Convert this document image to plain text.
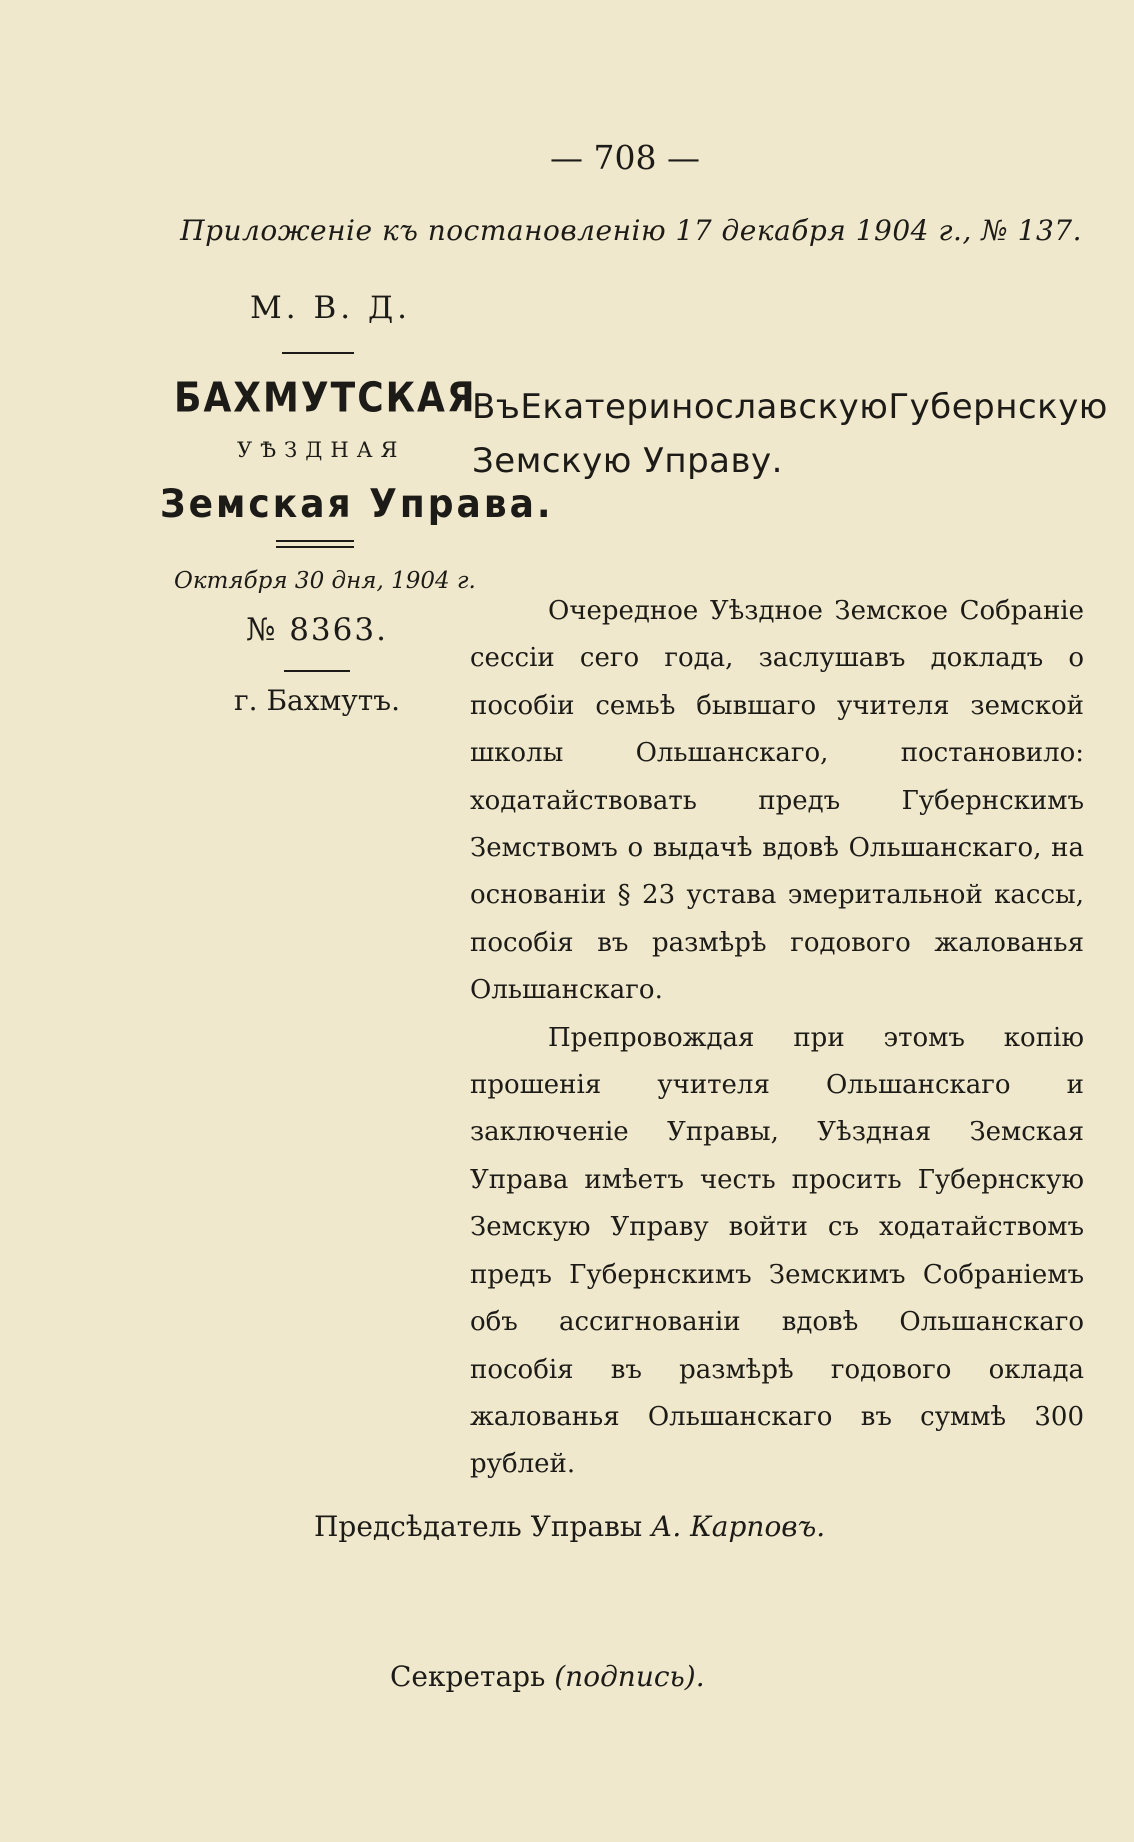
— 708 —
Приложеніе къ постановленію 17 декабря 1904 г., № 137.
М. В. Д.
БАХМУТСКАЯ
УѢЗДНАЯ
Земская Управа.
Октября 30 дня, 1904 г.
№ 8363.
г. Бахмутъ.
ВъЕкатеринославскуюГубернскую Земскую Управу.

Очередное Уѣздное Земское Собраніе сессіи сего года, заслушавъ докладъ о пособіи семьѣ бывшаго учителя земской школы Ольшанскаго, постановило: ходатайствовать предъ Губернскимъ Земствомъ о выдачѣ вдовѣ Ольшанскаго, на основаніи § 23 устава эмеритальной кассы, пособія въ размѣрѣ годового жалованья Ольшанскаго.

Препровождая при этомъ копію прошенія учителя Ольшанскаго и заключеніе Управы, Уѣздная Земская Управа имѣетъ честь просить Губернскую Земскую Управу войти съ ходатайствомъ предъ Губернскимъ Земскимъ Собраніемъ объ ассигнованіи вдовѣ Ольшанскаго пособія въ размѣрѣ годового оклада жалованья Ольшанскаго въ суммѣ 300 рублей.

Предсѣдатель Управы А. Карповъ.
Секретарь (подпись).
